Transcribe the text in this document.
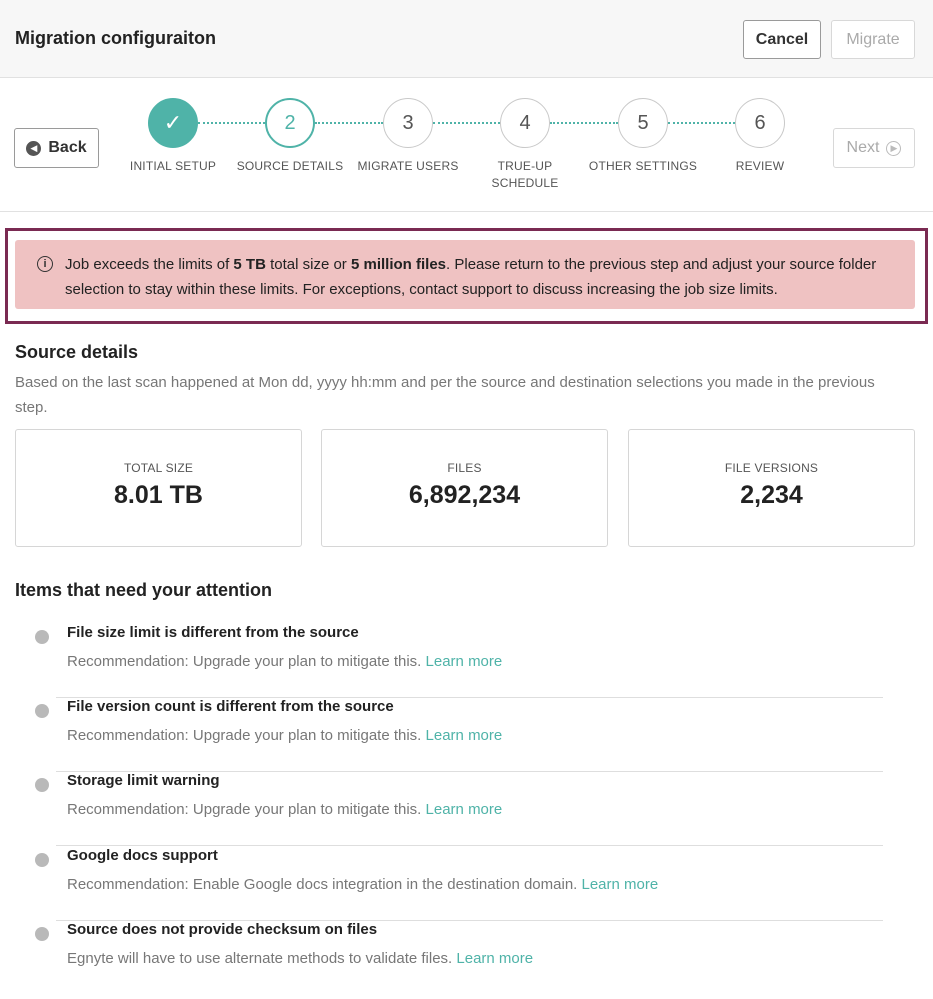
Migration configuraiton	Cancel	Migrate
◀ Back
✓
INITIAL SETUP
2
SOURCE DETAILS
3
MIGRATE USERS
4
TRUE-UP SCHEDULE
5
OTHER SETTINGS
6
REVIEW
Next	▶
i	Job exceeds the limits of 5 TB total size or 5 million files. Please return to the previous step and adjust your source folder selection to stay within these limits. For exceptions, contact support to discuss increasing the job size limits.
Source details
Based on the last scan happened at Mon dd, yyyy hh:mm and per the source and destination selections you made in the previous step.
TOTAL SIZE
8.01 TB
FILES
6,892,234
FILE VERSIONS
2,234
Items that need your attention
File size limit is different from the source
Recommendation: Upgrade your plan to mitigate this. Learn more
File version count is different from the source
Recommendation: Upgrade your plan to mitigate this. Learn more
Storage limit warning
Recommendation: Upgrade your plan to mitigate this. Learn more
Google docs support
Recommendation: Enable Google docs integration in the destination domain. Learn more
Source does not provide checksum on files
Egnyte will have to use alternate methods to validate files. Learn more
